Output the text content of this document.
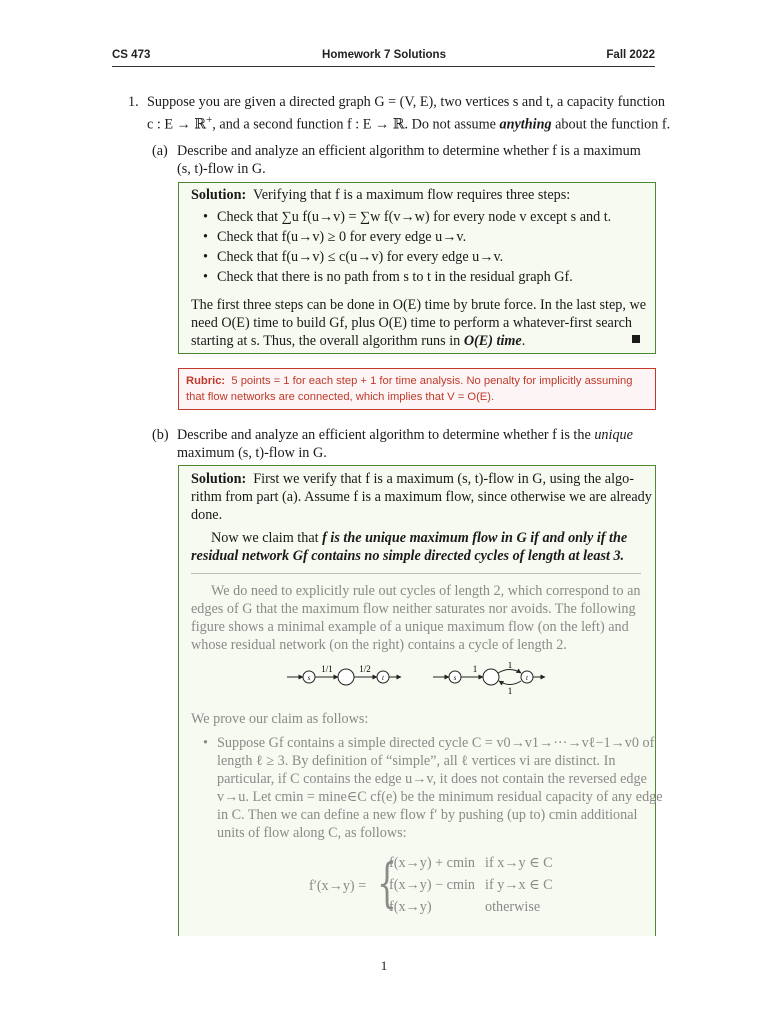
CS 473	Homework 7 Solutions	Fall 2022
1. Suppose you are given a directed graph G = (V, E), two vertices s and t, a capacity function
c : E → ℝ+, and a second function f : E → ℝ. Do not assume anything about the function f.
(a) Describe and analyze an efficient algorithm to determine whether f is a maximum
(s, t)-flow in G.
Solution: Verifying that f is a maximum flow requires three steps:
• Check that ∑u f(u→v) = ∑w f(v→w) for every node v except s and t.
• Check that f(u→v) ≥ 0 for every edge u→v.
• Check that f(u→v) ≤ c(u→v) for every edge u→v.
• Check that there is no path from s to t in the residual graph Gf.
The first three steps can be done in O(E) time by brute force. In the last step, we
need O(E) time to build Gf, plus O(E) time to perform a whatever-first search
starting at s. Thus, the overall algorithm runs in O(E) time.
Rubric: 5 points = 1 for each step + 1 for time analysis. No penalty for implicitly assuming
that flow networks are connected, which implies that V = O(E).
(b) Describe and analyze an efficient algorithm to determine whether f is the unique
maximum (s, t)-flow in G.
Solution: First we verify that f is a maximum (s, t)-flow in G, using the algo-
rithm from part (a). Assume f is a maximum flow, since otherwise we are already
done.
Now we claim that f is the unique maximum flow in G if and only if the
residual network Gf contains no simple directed cycles of length at least 3.
We do need to explicitly rule out cycles of length 2, which correspond to an
edges of G that the maximum flow neither saturates nor avoids. The following
figure shows a minimal example of a unique maximum flow (on the left) and
whose residual network (on the right) contains a cycle of length 2.
s
1/1	1/2
t	s
1	1
1
t
We prove our claim as follows:
• Suppose Gf contains a simple directed cycle C = v0→v1→···→vℓ−1→v0 of
length ℓ ≥ 3. By definition of “simple”, all ℓ vertices vi are distinct. In
particular, if C contains the edge u→v, it does not contain the reversed edge
v→u. Let cmin = mine∈C cf(e) be the minimum residual capacity of any edge
in C. Then we can define a new flow f′ by pushing (up to) cmin additional
units of flow along C, as follows:
f′(x→y) = {
f(x→y) + cmin if x→y ∈ C
f(x→y) − cmin if y→x ∈ C
f(x→y)	otherwise
1
